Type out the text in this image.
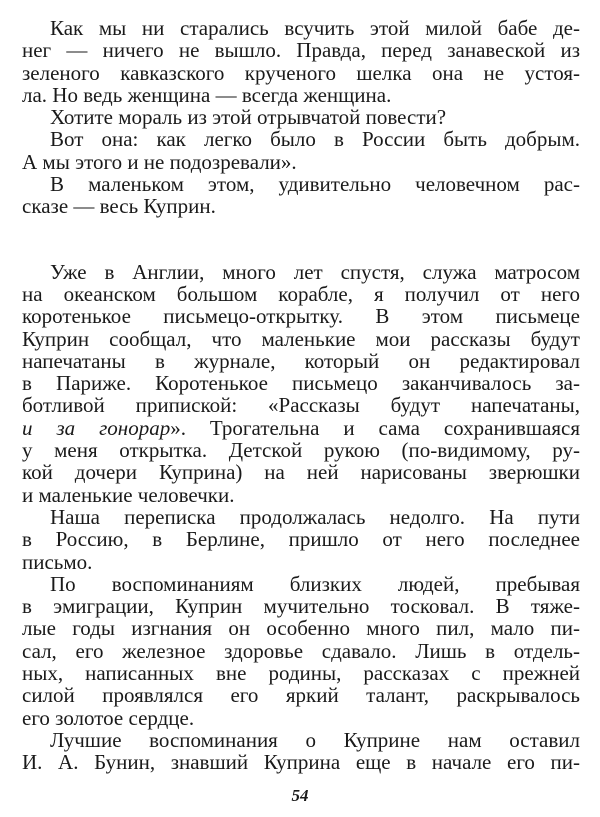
Как мы ни старались всучить этой милой бабе де-
нег — ничего не вышло. Правда, перед занавеской из
зеленого кавказского крученого шелка она не устоя-
ла. Но ведь женщина — всегда женщина.
Хотите мораль из этой отрывчатой повести?
Вот она: как легко было в России быть добрым.
А мы этого и не подозревали».
В маленьком этом, удивительно человечном рас-
сказе — весь Куприн.
Уже в Англии, много лет спустя, служа матросом
на океанском большом корабле, я получил от него
коротенькое письмецо-открытку. В этом письмеце
Куприн сообщал, что маленькие мои рассказы будут
напечатаны в журнале, который он редактировал
в Париже. Коротенькое письмецо заканчивалось за-
ботливой припиской: «Рассказы будут напечатаны,
и за гонорар». Трогательна и сама сохранившаяся
у меня открытка. Детской рукою (по-видимому, ру-
кой дочери Куприна) на ней нарисованы зверюшки
и маленькие человечки.
Наша переписка продолжалась недолго. На пути
в Россию, в Берлине, пришло от него последнее
письмо.
По воспоминаниям близких людей, пребывая
в эмиграции, Куприн мучительно тосковал. В тяже-
лые годы изгнания он особенно много пил, мало пи-
сал, его железное здоровье сдавало. Лишь в отдель-
ных, написанных вне родины, рассказах с прежней
силой проявлялся его яркий талант, раскрывалось
его золотое сердце.
Лучшие воспоминания о Куприне нам оставил
И. А. Бунин, знавший Куприна еще в начале его пи-
54
